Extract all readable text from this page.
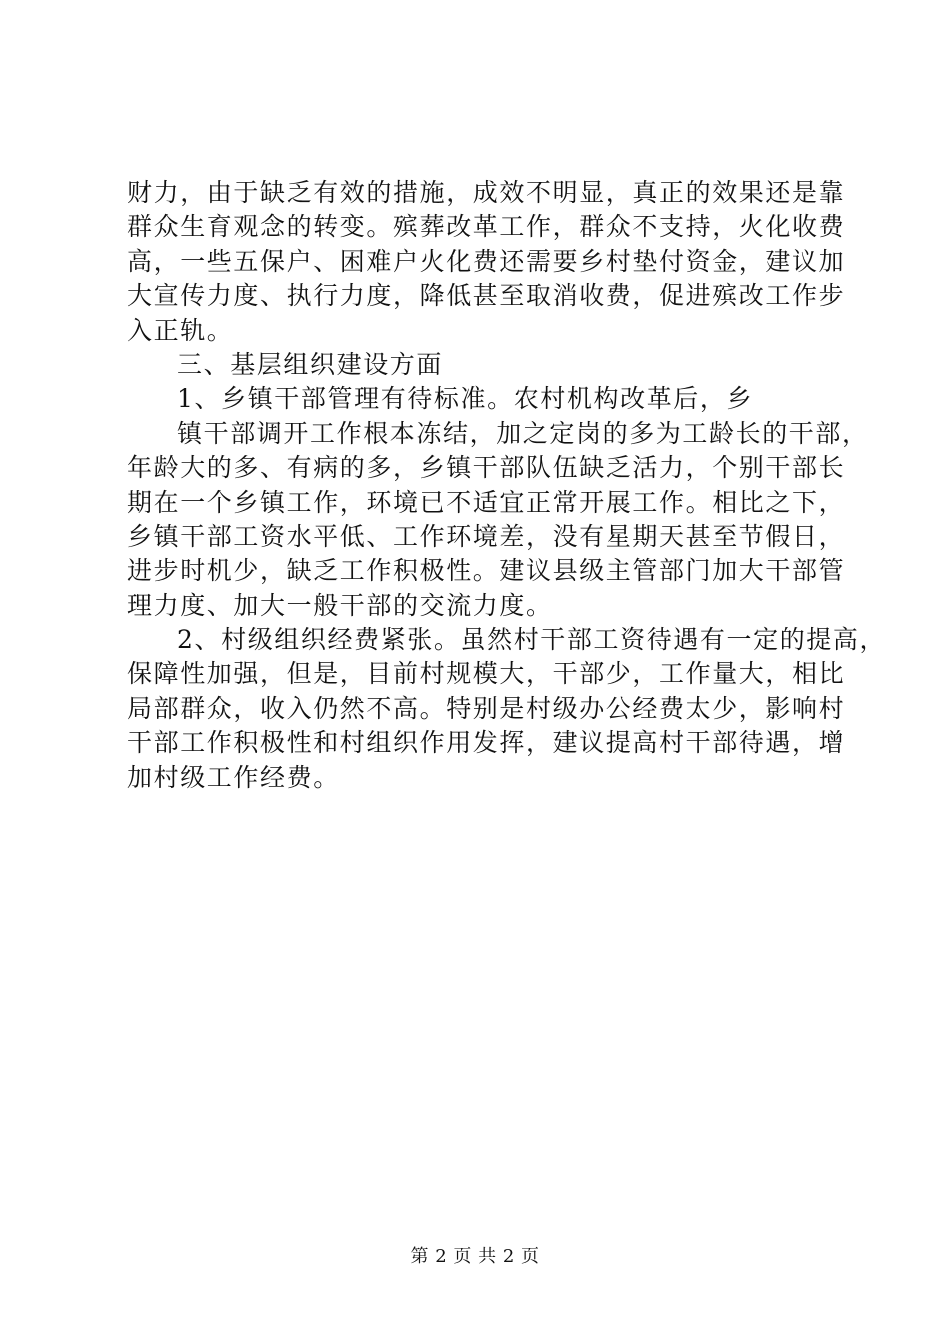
财力，由于缺乏有效的措施，成效不明显，真正的效果还是靠
群众生育观念的转变。殡葬改革工作，群众不支持，火化收费
高，一些五保户、困难户火化费还需要乡村垫付资金，建议加
大宣传力度、执行力度，降低甚至取消收费，促进殡改工作步
入正轨。
三、基层组织建设方面
1、乡镇干部管理有待标准。农村机构改革后，乡
镇干部调开工作根本冻结，加之定岗的多为工龄长的干部，
年龄大的多、有病的多，乡镇干部队伍缺乏活力，个别干部长
期在一个乡镇工作，环境已不适宜正常开展工作。相比之下，
乡镇干部工资水平低、工作环境差，没有星期天甚至节假日，
进步时机少，缺乏工作积极性。建议县级主管部门加大干部管
理力度、加大一般干部的交流力度。
2、村级组织经费紧张。虽然村干部工资待遇有一定的提高，
保障性加强，但是，目前村规模大，干部少，工作量大，相比
局部群众，收入仍然不高。特别是村级办公经费太少，影响村
干部工作积极性和村组织作用发挥，建议提高村干部待遇，增
加村级工作经费。
第 2 页 共 2 页
